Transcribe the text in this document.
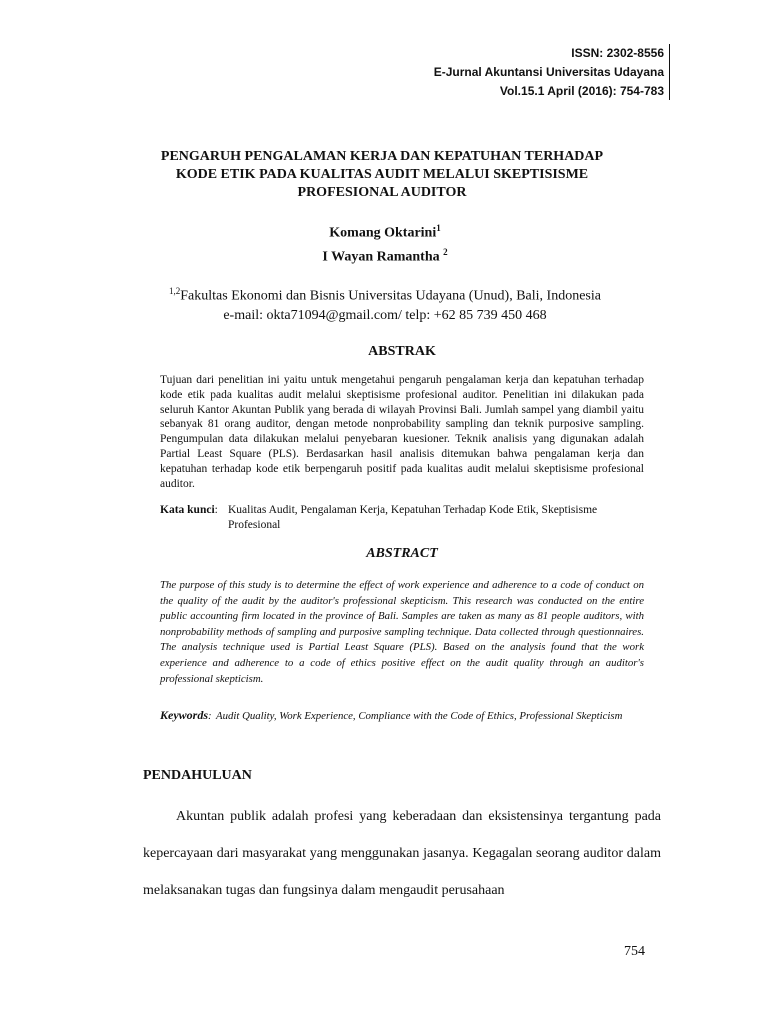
ISSN: 2302-8556
E-Jurnal Akuntansi Universitas Udayana
Vol.15.1 April (2016): 754-783
PENGARUH PENGALAMAN KERJA DAN KEPATUHAN TERHADAP
KODE ETIK PADA KUALITAS AUDIT MELALUI SKEPTISISME
PROFESIONAL AUDITOR
Komang Oktarini$^1$
I Wayan Ramantha $^2$
$^{1,2}$Fakultas Ekonomi dan Bisnis Universitas Udayana (Unud), Bali, Indonesia
e-mail: okta71094@gmail.com/ telp: +62 85 739 450 468
ABSTRAK
Tujuan dari penelitian ini yaitu untuk mengetahui pengaruh pengalaman kerja dan kepatuhan terhadap kode etik pada kualitas audit melalui skeptisisme profesional auditor. Penelitian ini dilakukan pada seluruh Kantor Akuntan Publik yang berada di wilayah Provinsi Bali. Jumlah sampel yang diambil yaitu sebanyak 81 orang auditor, dengan metode nonprobability sampling dan teknik purposive sampling. Pengumpulan data dilakukan melalui penyebaran kuesioner. Teknik analisis yang digunakan adalah Partial Least Square (PLS). Berdasarkan hasil analisis ditemukan bahwa pengalaman kerja dan kepatuhan terhadap kode etik berpengaruh positif pada kualitas audit melalui skeptisisme profesional auditor.
Kata kunci: Kualitas Audit, Pengalaman Kerja, Kepatuhan Terhadap Kode Etik, Skeptisisme Profesional
ABSTRACT
The purpose of this study is to determine the effect of work experience and adherence to a code of conduct on the quality of the audit by the auditor's professional skepticism. This research was conducted on the entire public accounting firm located in the province of Bali. Samples are taken as many as 81 people auditors, with nonprobability methods of sampling and purposive sampling technique. Data collected through questionnaires. The analysis technique used is Partial Least Square (PLS). Based on the analysis found that the work experience and adherence to a code of ethics positive effect on the audit quality through an auditor's professional skepticism.
Keywords: Audit Quality, Work Experience, Compliance with the Code of Ethics, Professional Skepticism
PENDAHULUAN

Akuntan publik adalah profesi yang keberadaan dan eksistensinya tergantung pada kepercayaan dari masyarakat yang menggunakan jasanya. Kegagalan seorang auditor dalam melaksanakan tugas dan fungsinya dalam mengaudit perusahaan

754
